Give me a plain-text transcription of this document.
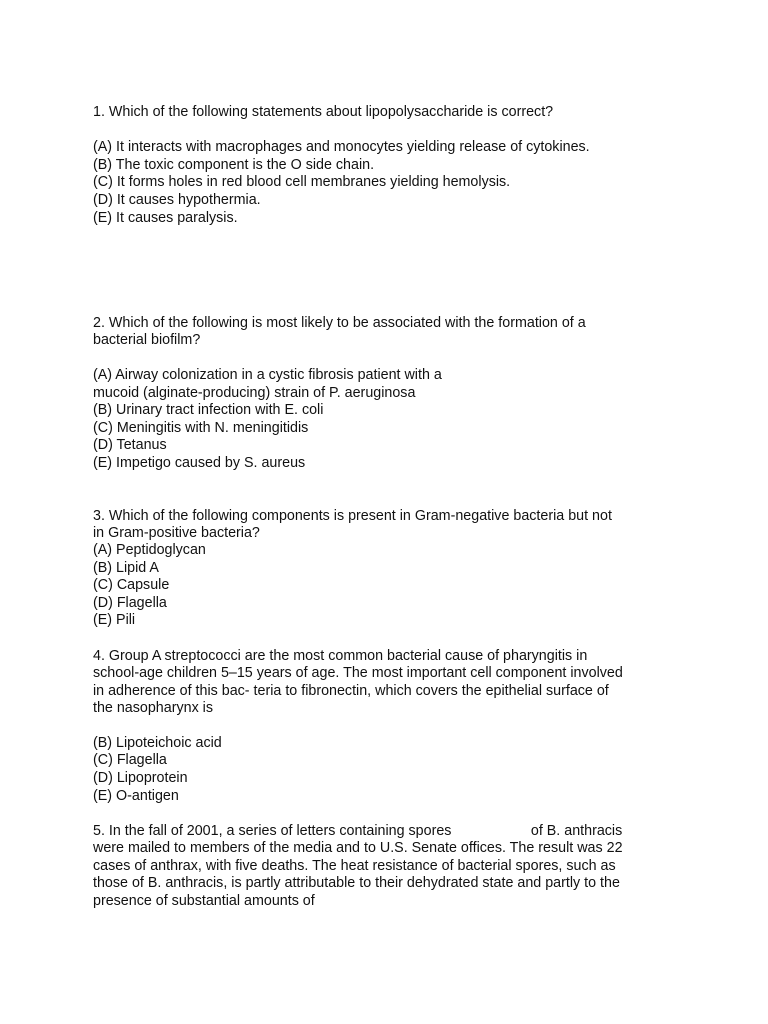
1. Which of the following statements about lipopolysaccharide is correct?

(A) It interacts with macrophages and monocytes yielding release of cytokines.

(B) The toxic component is the O side chain.

(C) It forms holes in red blood cell membranes yielding hemolysis.

(D) It causes hypothermia.

(E) It causes paralysis.

2. Which of the following is most likely to be associated with the formation of a

bacterial biofilm?

(A) Airway colonization in a cystic fibrosis patient with a

mucoid (alginate-producing) strain of P. aeruginosa

(B) Urinary tract infection with E. coli

(C) Meningitis with N. meningitidis

(D) Tetanus

(E) Impetigo caused by S. aureus

3. Which of the following components is present in Gram-negative bacteria but not

in Gram-positive bacteria?

(A) Peptidoglycan

(B) Lipid A

(C) Capsule

(D) Flagella

(E) Pili

4. Group A streptococci are the most common bacterial cause of pharyngitis in

school-age children 5–15 years of age. The most important cell component involved

in adherence of this bac- teria to fibronectin, which covers the epithelial surface of

the nasopharynx is

(B) Lipoteichoic acid

(C) Flagella

(D) Lipoprotein

(E) O-antigen

5. In the fall of 2001, a series of letters containing spores                    of B. anthracis

were mailed to members of the media and to U.S. Senate offices. The result was 22

cases of anthrax, with five deaths. The heat resistance of bacterial spores, such as

those of B. anthracis, is partly attributable to their dehydrated state and partly to the

presence of substantial amounts of
